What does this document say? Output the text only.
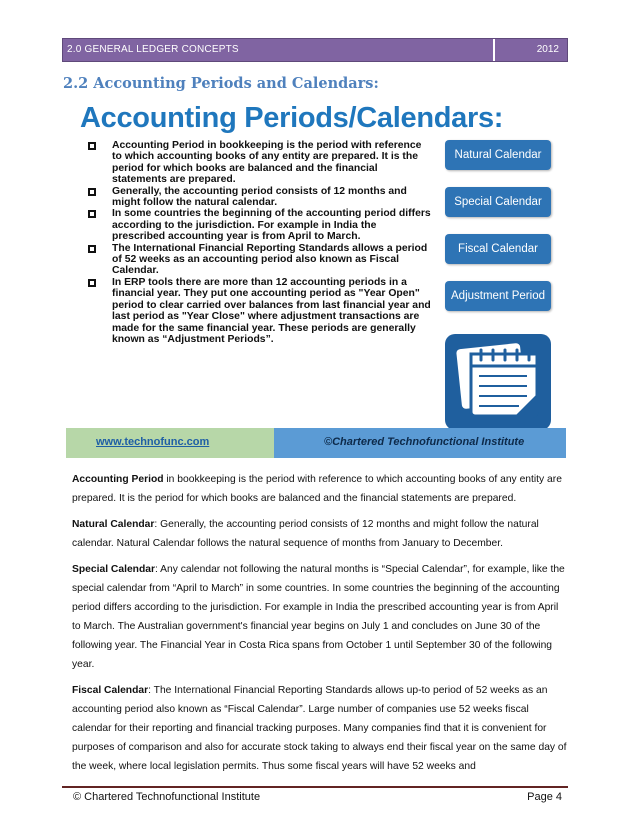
2.0 GENERAL LEDGER CONCEPTS	2012
2.2 Accounting Periods and Calendars:
Accounting Periods/Calendars:
Accounting Period in bookkeeping is the period with reference to which accounting books of any entity are prepared. It is the period for which books are balanced and the financial statements are prepared.
Generally, the accounting period consists of 12 months and might follow the natural calendar.
In some countries the beginning of the accounting period differs according to the jurisdiction. For example in India the prescribed accounting year is from April to March.
The International Financial Reporting Standards allows a period of 52 weeks as an accounting period also known as Fiscal Calendar.
In ERP tools there are more than 12 accounting periods in a financial year. They put one accounting period as "Year Open" period to clear carried over balances from last financial year and last period as "Year Close" where adjustment transactions are made for the same financial year. These periods are generally known as “Adjustment Periods”.
Natural Calendar
Special Calendar
Fiscal Calendar
Adjustment Period
www.technofunc.com	©Chartered Technofunctional Institute

Accounting Period in bookkeeping is the period with reference to which accounting books of any entity are prepared. It is the period for which books are balanced and the financial statements are prepared.

Natural Calendar: Generally, the accounting period consists of 12 months and might follow the natural calendar. Natural Calendar follows the natural sequence of months from January to December.

Special Calendar: Any calendar not following the natural months is “Special Calendar”, for example, like the special calendar from “April to March” in some countries. In some countries the beginning of the accounting period differs according to the jurisdiction. For example in India the prescribed accounting year is from April to March. The Australian government's financial year begins on July 1 and concludes on June 30 of the following year. The Financial Year in Costa Rica spans from October 1 until September 30 of the following year.

Fiscal Calendar: The International Financial Reporting Standards allows up-to period of 52 weeks as an accounting period also known as “Fiscal Calendar”. Large number of companies use 52 weeks fiscal calendar for their reporting and financial tracking purposes. Many companies find that it is convenient for purposes of comparison and also for accurate stock taking to always end their fiscal year on the same day of the week, where local legislation permits. Thus some fiscal years will have 52 weeks and

© Chartered Technofunctional Institute	Page 4
